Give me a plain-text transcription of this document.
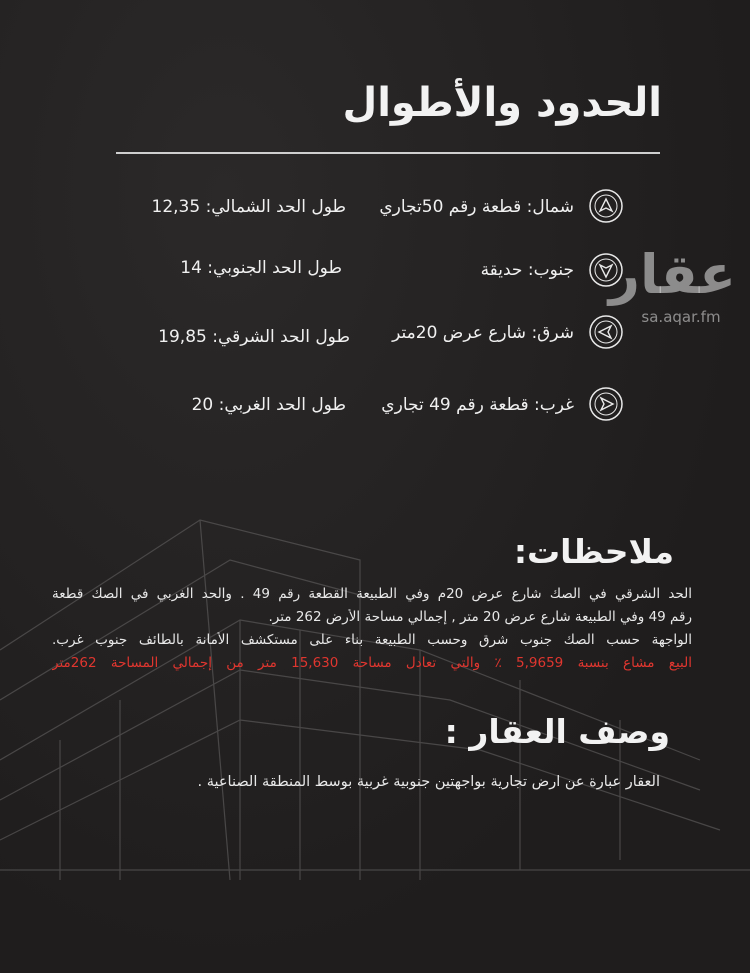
الحدود والأطوال
شمال: قطعة رقم 50تجاري
طول الحد الشمالي: 12,35
جنوب: حديقة
طول الحد الجنوبي: 14
شرق: شارع عرض 20متر
طول الحد الشرقي: 19,85
غرب: قطعة رقم 49 تجاري
طول الحد الغربي: 20
عقار
sa.aqar.fm
ملاحظات:
الحد الشرقي في الصك شارع عرض 20م وفي الطبيعة القطعة رقم 49 . والحد الغربي في الصك قطعة
رقم 49 وفي الطبيعة شارع عرض 20 متر , إجمالي مساحة الأرض 262 متر.
الواجهة حسب الصك جنوب شرق وحسب الطبيعة بناء على مستكشف الأمانة بالطائف جنوب غرب.
البيع مشاع بنسبة 5,9659 ٪ والتي تعادل مساحة 15,630 متر من إجمالي المساحة 262متر
وصف العقار :
العقار عبارة عن ارض تجارية بواجهتين جنوبية غربية بوسط المنطقة الصناعية .
